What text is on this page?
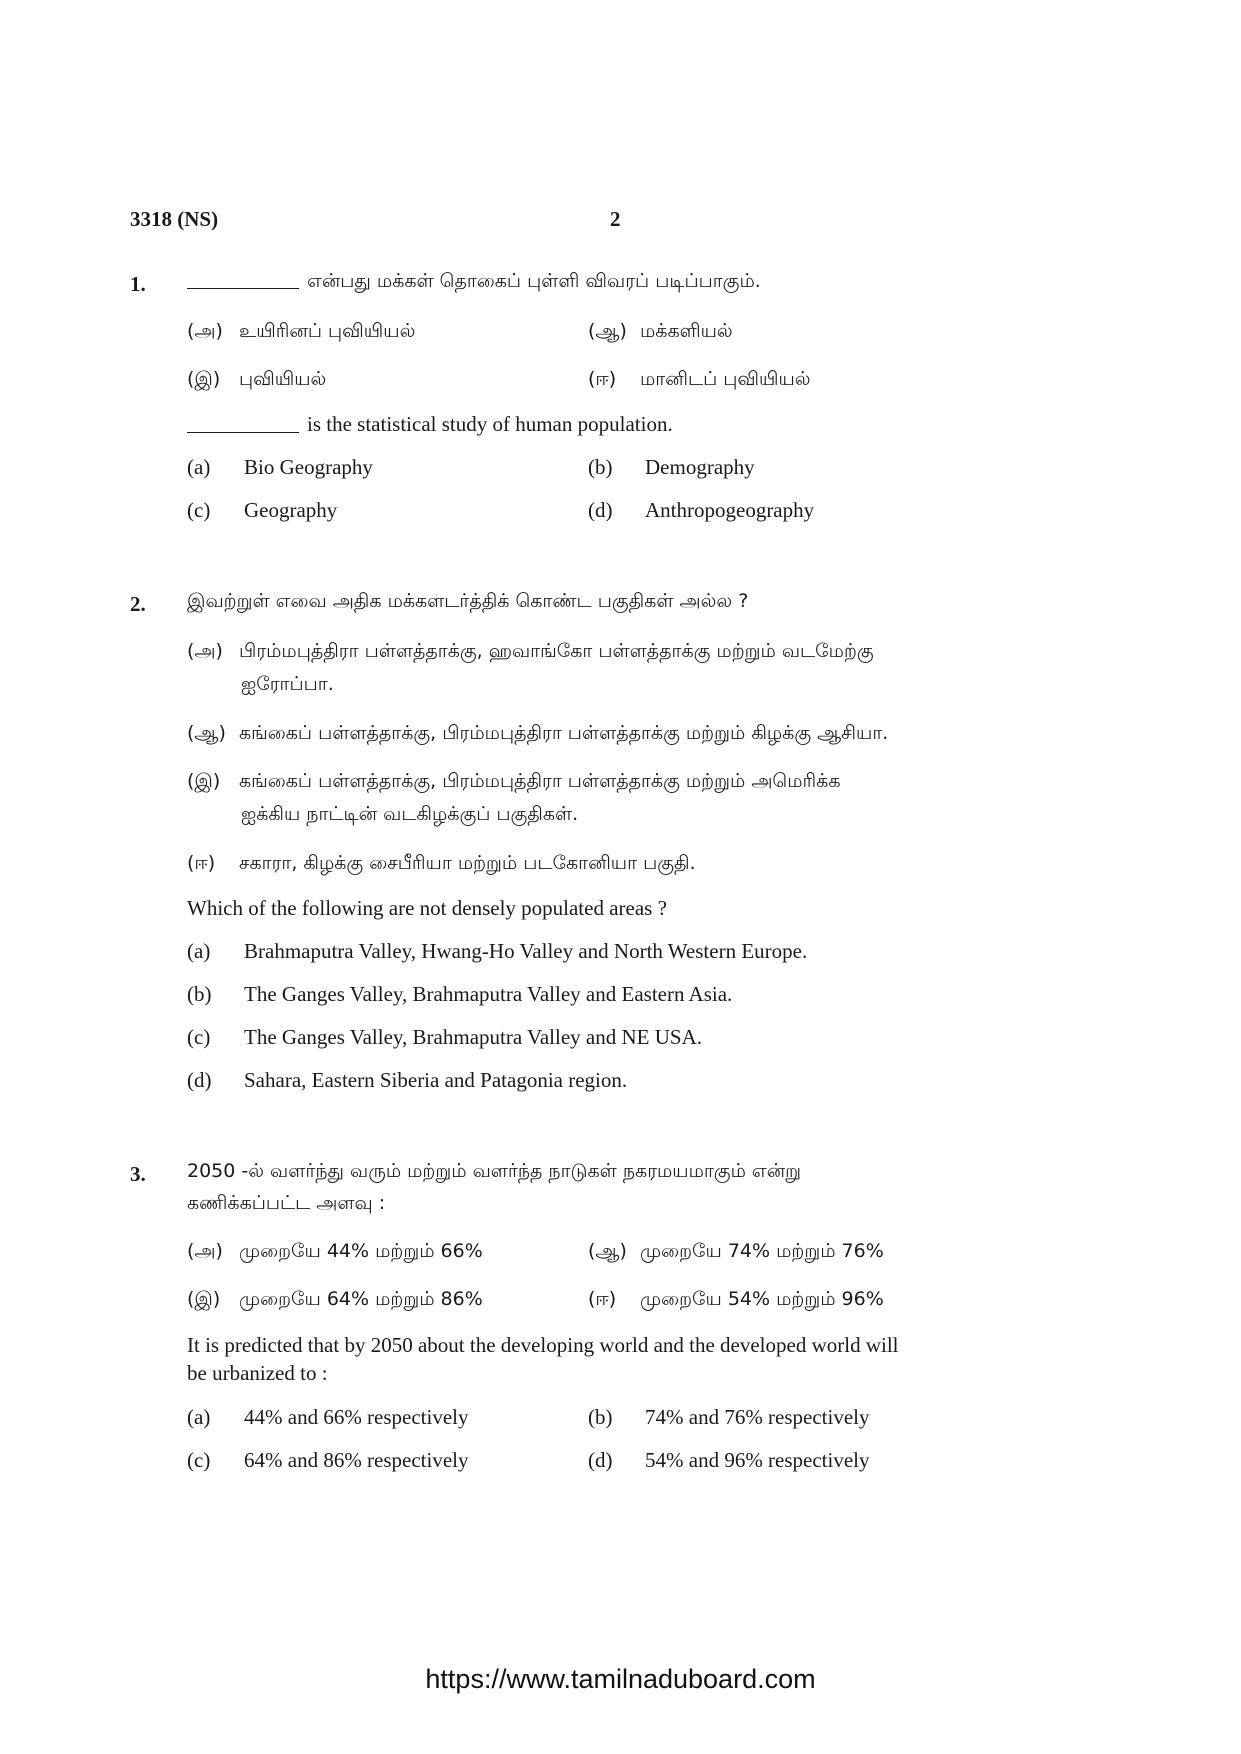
3318 (NS)	2
1.	என்பது மக்கள் தொகைப் புள்ளி விவரப் படிப்பாகும்.
(அ) உயிரினப் புவியியல்	(ஆ) மக்களியல்
(இ) புவியியல்	(ஈ) மானிடப் புவியியல்
is the statistical study of human population.
(a) Bio Geography	(b) Demography
(c) Geography	(d) Anthropogeography
2. இவற்றுள் எவை அதிக மக்களடர்த்திக் கொண்ட பகுதிகள் அல்ல ?
(அ) பிரம்மபுத்திரா பள்ளத்தாக்கு, ஹவாங்கோ பள்ளத்தாக்கு மற்றும் வடமேற்கு
ஐரோப்பா.
(ஆ) கங்கைப் பள்ளத்தாக்கு, பிரம்மபுத்திரா பள்ளத்தாக்கு மற்றும் கிழக்கு ஆசியா.
(இ) கங்கைப் பள்ளத்தாக்கு, பிரம்மபுத்திரா பள்ளத்தாக்கு மற்றும் அமெரிக்க
ஐக்கிய நாட்டின் வடகிழக்குப் பகுதிகள்.
(ஈ) சகாரா, கிழக்கு சைபீரியா மற்றும் படகோனியா பகுதி.
Which of the following are not densely populated areas ?
(a) Brahmaputra Valley, Hwang-Ho Valley and North Western Europe.
(b) The Ganges Valley, Brahmaputra Valley and Eastern Asia.
(c) The Ganges Valley, Brahmaputra Valley and NE USA.
(d) Sahara, Eastern Siberia and Patagonia region.
3. 2050 -ல் வளர்ந்து வரும் மற்றும் வளர்ந்த நாடுகள் நகரமயமாகும் என்று
கணிக்கப்பட்ட அளவு :
(அ) முறையே 44% மற்றும் 66%	(ஆ) முறையே 74% மற்றும் 76%
(இ) முறையே 64% மற்றும் 86%	(ஈ) முறையே 54% மற்றும் 96%
It is predicted that by 2050 about the developing world and the developed world will
be urbanized to :
(a) 44% and 66% respectively	(b) 74% and 76% respectively
(c) 64% and 86% respectively	(d) 54% and 96% respectively
https://www.tamilnaduboard.com
